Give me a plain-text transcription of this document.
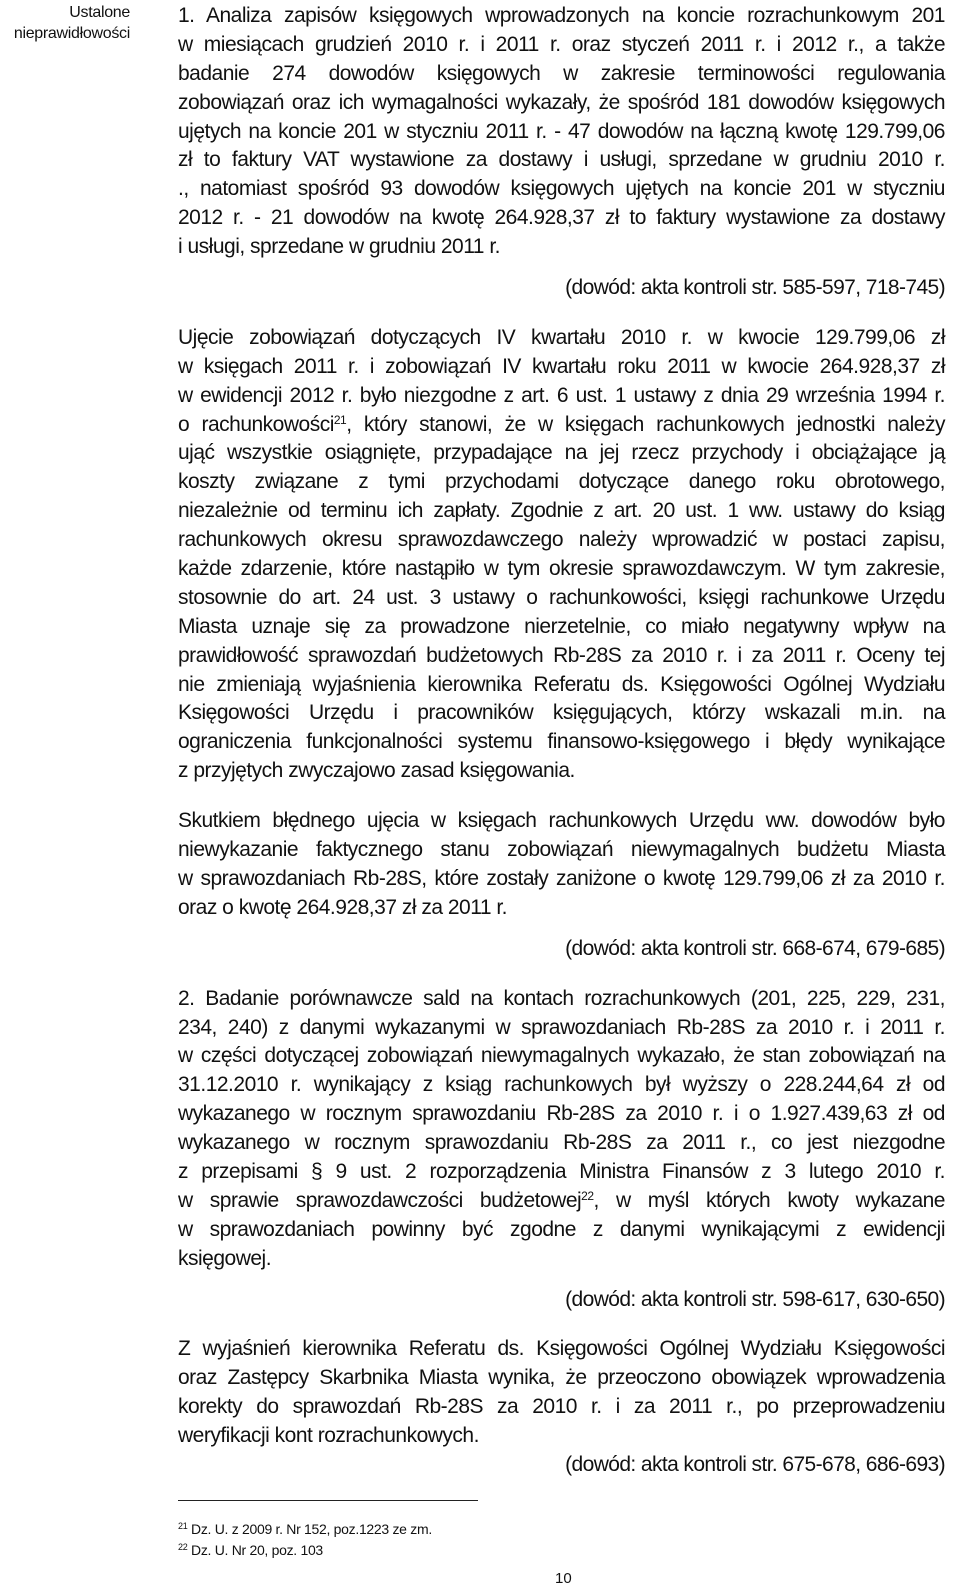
Ustalone
nieprawidłowości
1. Analiza zapisów księgowych wprowadzonych na koncie rozrachunkowym 201
w miesiącach grudzień 2010 r. i 2011 r. oraz styczeń 2011 r. i 2012 r., a także
badanie 274 dowodów księgowych w zakresie terminowości regulowania
zobowiązań oraz ich wymagalności wykazały, że spośród 181 dowodów księgowych
ujętych na koncie 201 w styczniu 2011 r. - 47 dowodów na łączną kwotę 129.799,06
zł to faktury VAT wystawione za dostawy i usługi, sprzedane w grudniu 2010 r.
., natomiast spośród 93 dowodów księgowych ujętych na koncie 201 w styczniu
2012 r. - 21 dowodów na kwotę 264.928,37 zł to faktury wystawione za dostawy
i usługi, sprzedane w grudniu 2011 r.
(dowód: akta kontroli str. 585-597, 718-745)
Ujęcie zobowiązań dotyczących IV kwartału 2010 r. w kwocie 129.799,06 zł
w księgach 2011 r. i zobowiązań IV kwartału roku 2011 w kwocie 264.928,37 zł
w ewidencji 2012 r. było niezgodne z art. 6 ust. 1 ustawy z dnia 29 września 1994 r.
o rachunkowości$^{21}$, który stanowi, że w księgach rachunkowych jednostki należy
ująć wszystkie osiągnięte, przypadające na jej rzecz przychody i obciążające ją
koszty związane z tymi przychodami dotyczące danego roku obrotowego,
niezależnie od terminu ich zapłaty. Zgodnie z art. 20 ust. 1 ww. ustawy do ksiąg
rachunkowych okresu sprawozdawczego należy wprowadzić w postaci zapisu,
każde zdarzenie, które nastąpiło w tym okresie sprawozdawczym. W tym zakresie,
stosownie do art. 24 ust. 3 ustawy o rachunkowości, księgi rachunkowe Urzędu
Miasta uznaje się za prowadzone nierzetelnie, co miało negatywny wpływ na
prawidłowość sprawozdań budżetowych Rb-28S za 2010 r. i za 2011 r. Oceny tej
nie zmieniają wyjaśnienia kierownika Referatu ds. Księgowości Ogólnej Wydziału
Księgowości Urzędu i pracowników księgujących, którzy wskazali m.in. na
ograniczenia funkcjonalności systemu finansowo-księgowego i błędy wynikające
z przyjętych zwyczajowo zasad księgowania.
Skutkiem błędnego ujęcia w księgach rachunkowych Urzędu ww. dowodów było
niewykazanie faktycznego stanu zobowiązań niewymagalnych budżetu Miasta
w sprawozdaniach Rb-28S, które zostały zaniżone o kwotę 129.799,06 zł za 2010 r.
oraz o kwotę 264.928,37 zł za 2011 r.
(dowód: akta kontroli str. 668-674, 679-685)
2. Badanie porównawcze sald na kontach rozrachunkowych (201, 225, 229, 231,
234, 240) z danymi wykazanymi w sprawozdaniach Rb-28S za 2010 r. i 2011 r.
w części dotyczącej zobowiązań niewymagalnych wykazało, że stan zobowiązań na
31.12.2010 r. wynikający z ksiąg rachunkowych był wyższy o 228.244,64 zł od
wykazanego w rocznym sprawozdaniu Rb-28S za 2010 r. i o 1.927.439,63 zł od
wykazanego w rocznym sprawozdaniu Rb-28S za 2011 r., co jest niezgodne
z przepisami § 9 ust. 2 rozporządzenia Ministra Finansów z 3 lutego 2010 r.
w sprawie sprawozdawczości budżetowej$^{22}$, w myśl których kwoty wykazane
w sprawozdaniach powinny być zgodne z danymi wynikającymi z ewidencji
księgowej.
(dowód: akta kontroli str. 598-617, 630-650)
Z wyjaśnień kierownika Referatu ds. Księgowości Ogólnej Wydziału Księgowości
oraz Zastępcy Skarbnika Miasta wynika, że przeoczono obowiązek wprowadzenia
korekty do sprawozdań Rb-28S za 2010 r. i za 2011 r., po przeprowadzeniu
weryfikacji kont rozrachunkowych.
(dowód: akta kontroli str. 675-678, 686-693)
$^{21}$ Dz. U. z 2009 r. Nr 152, poz.1223 ze zm.
$^{22}$ Dz. U. Nr 20, poz. 103
10
